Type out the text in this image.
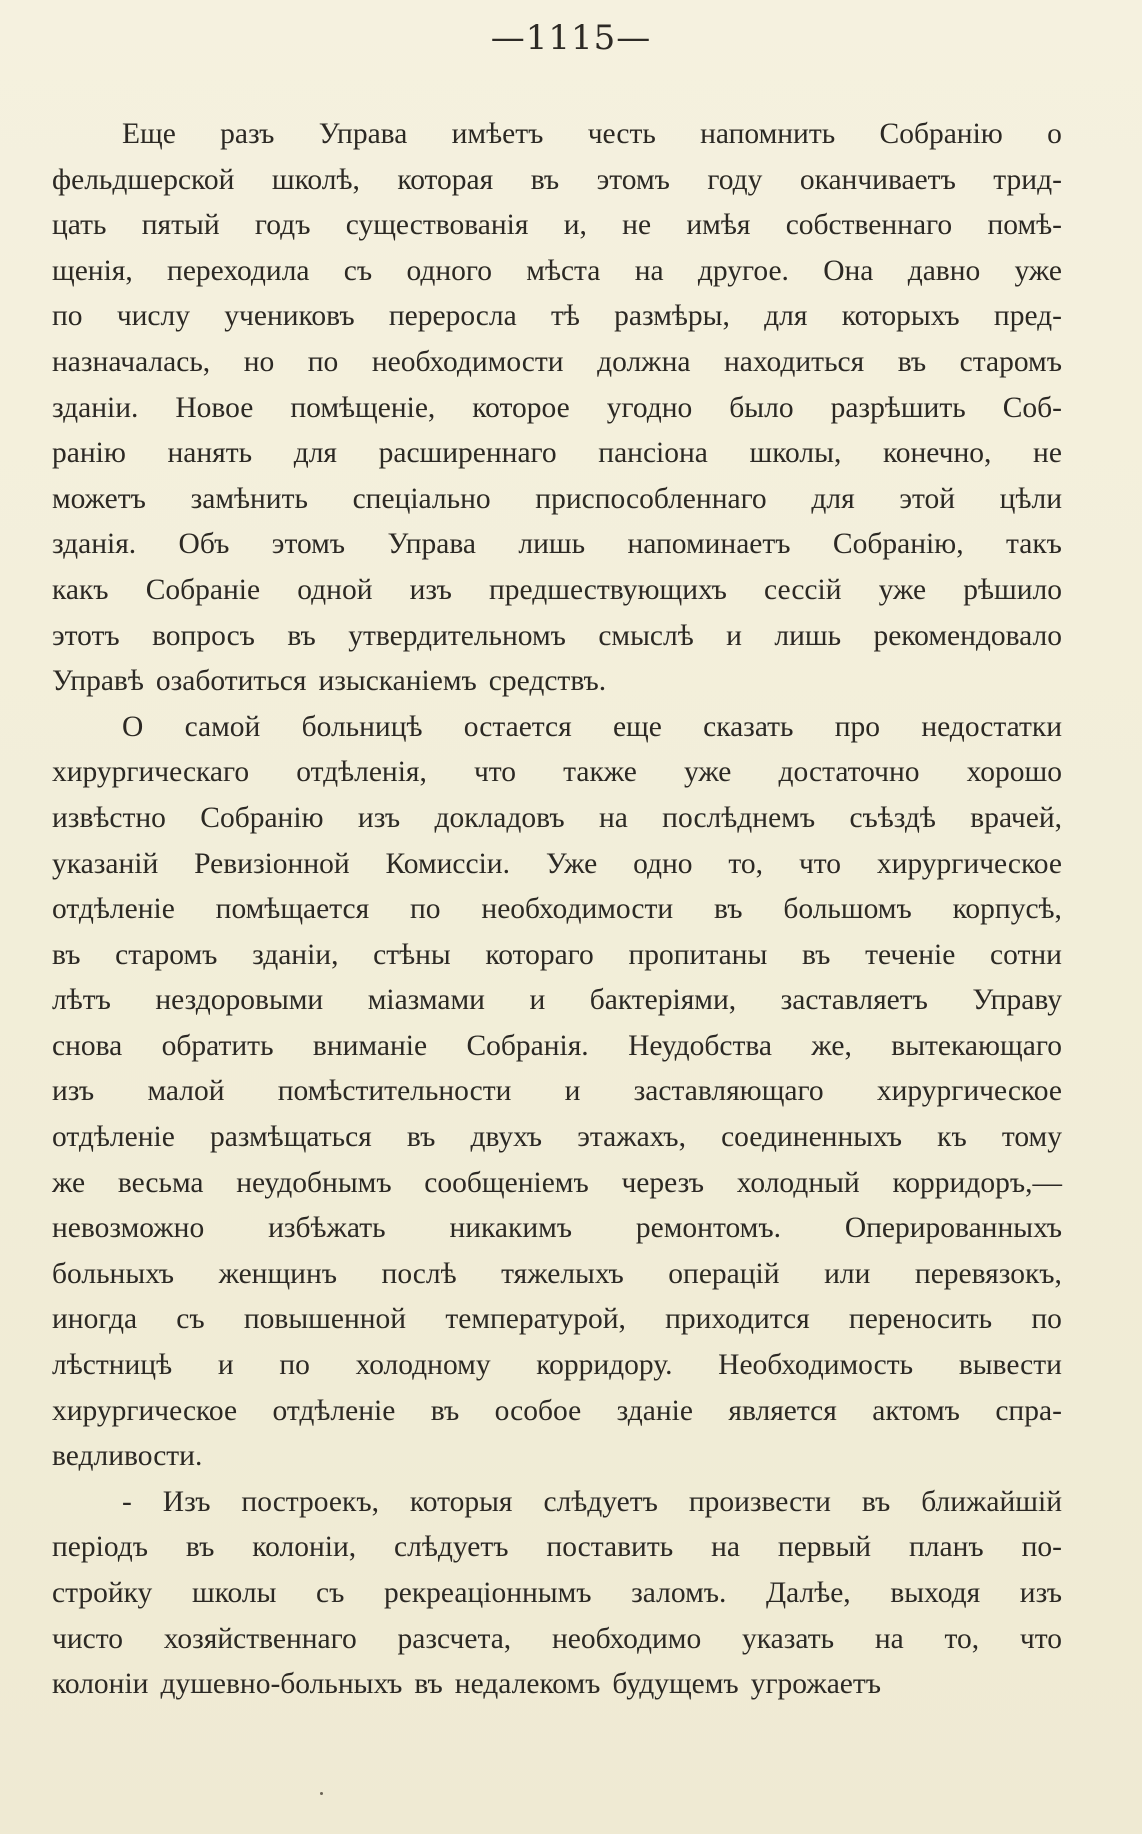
—1115—
Еще разъ Управа имѣетъ честь напомнить Собранію о
фельдшерской школѣ, которая въ этомъ году оканчиваетъ трид-
цать пятый годъ существованія и, не имѣя собственнаго помѣ-
щенія, переходила съ одного мѣста на другое. Она давно уже
по числу учениковъ переросла тѣ размѣры, для которыхъ пред-
назначалась, но по необходимости должна находиться въ старомъ
зданіи. Новое помѣщеніе, которое угодно было разрѣшить Соб-
ранію нанять для расширеннаго пансіона школы, конечно, не
можетъ замѣнить спеціально приспособленнаго для этой цѣли
зданія. Объ этомъ Управа лишь напоминаетъ Собранію, такъ
какъ Собраніе одной изъ предшествующихъ сессій уже рѣшило
этотъ вопросъ въ утвердительномъ смыслѣ и лишь рекомендовало
Управѣ озаботиться изысканіемъ средствъ.
О самой больницѣ остается еще сказать про недостатки
хирургическаго отдѣленія, что также уже достаточно хорошо
извѣстно Собранію изъ докладовъ на послѣднемъ съѣздѣ врачей,
указаній Ревизіонной Комиссіи. Уже одно то, что хирургическое
отдѣленіе помѣщается по необходимости въ большомъ корпусѣ,
въ старомъ зданіи, стѣны котораго пропитаны въ теченіе сотни
лѣтъ нездоровыми міазмами и бактеріями, заставляетъ Управу
снова обратить вниманіе Собранія. Неудобства же, вытекающаго
изъ малой помѣстительности и заставляющаго хирургическое
отдѣленіе размѣщаться въ двухъ этажахъ, соединенныхъ къ тому
же весьма неудобнымъ сообщеніемъ черезъ холодный корридоръ,—
невозможно избѣжать никакимъ ремонтомъ. Оперированныхъ
больныхъ женщинъ послѣ тяжелыхъ операцій или перевязокъ,
иногда съ повышенной температурой, приходится переносить по
лѣстницѣ и по холодному корридору. Необходимость вывести
хирургическое отдѣленіе въ особое зданіе является актомъ спра-
ведливости.
- Изъ построекъ, которыя слѣдуетъ произвести въ ближайшій
періодъ въ колоніи, слѣдуетъ поставить на первый планъ по-
стройку школы съ рекреаціоннымъ заломъ. Далѣе, выходя изъ
чисто хозяйственнаго разсчета, необходимо указать на то, что
колоніи душевно-больныхъ въ недалекомъ будущемъ угрожаетъ
